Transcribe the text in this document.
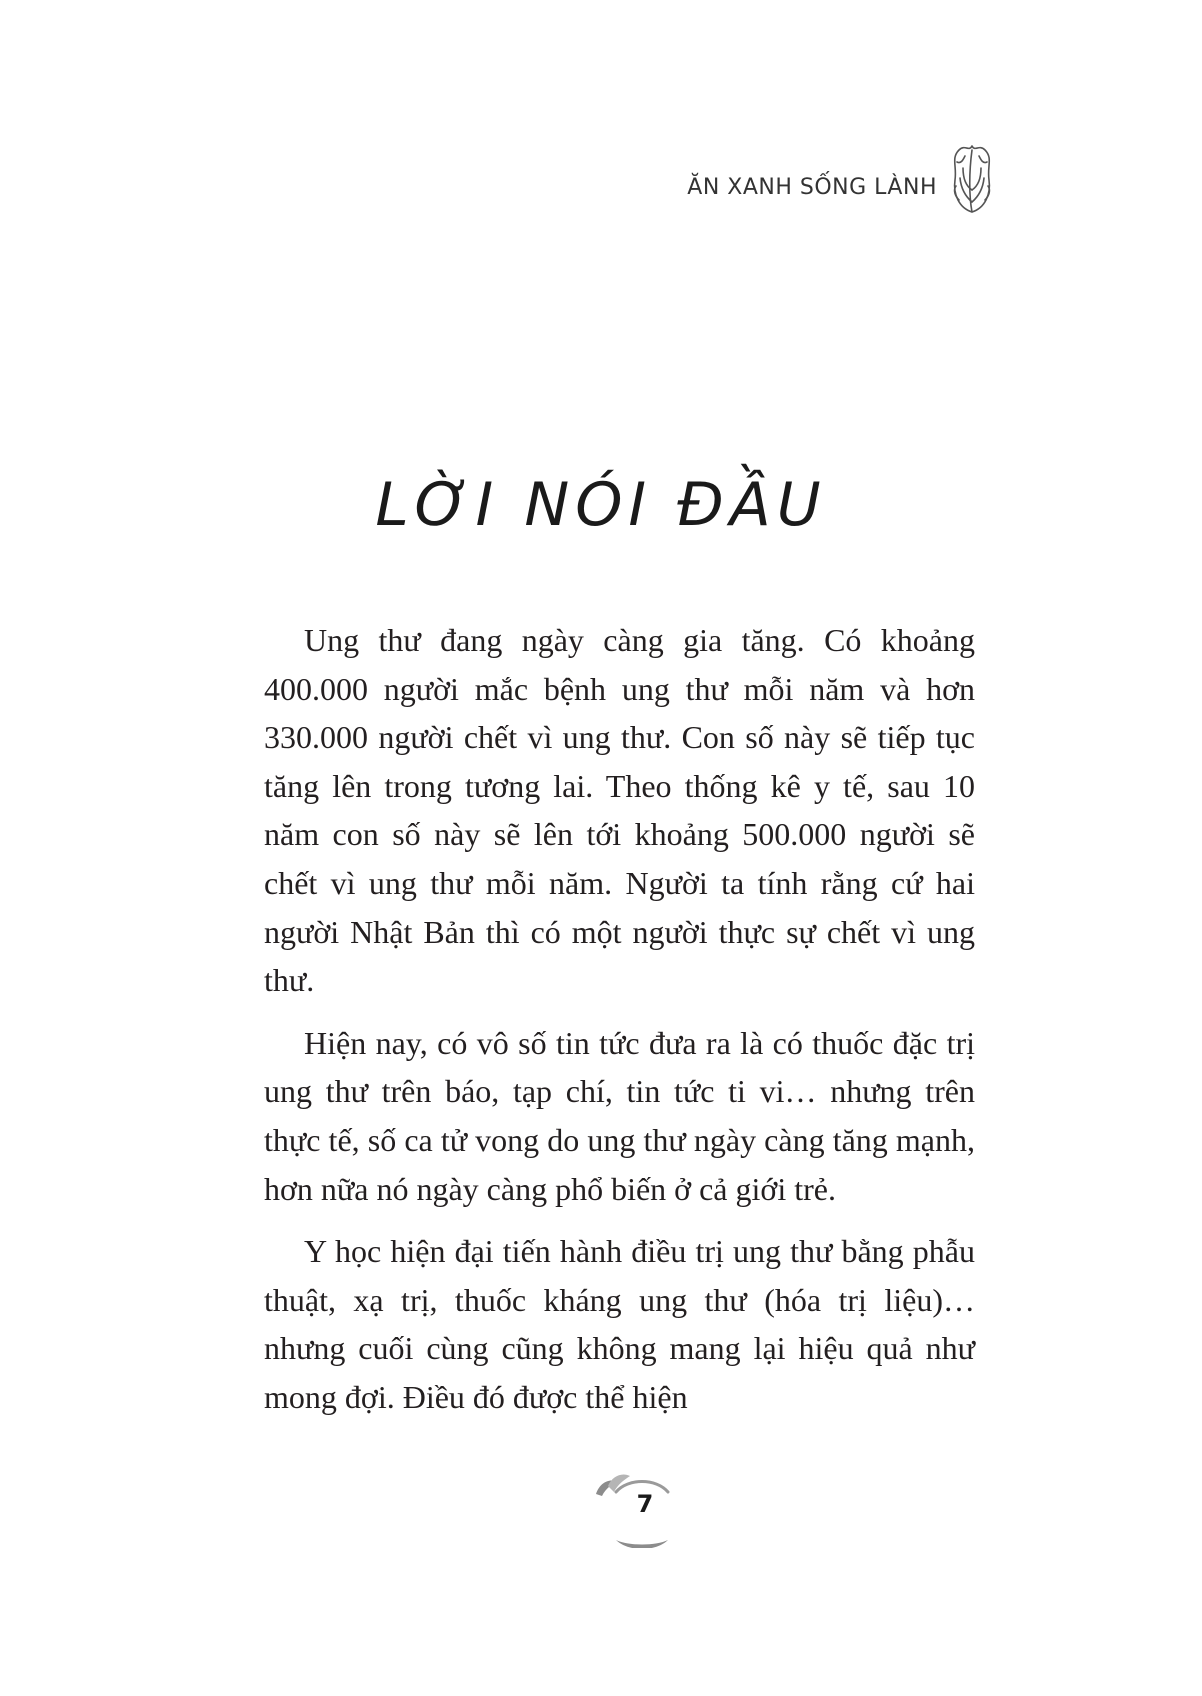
ĂN XANH SỐNG LÀNH
LỜI NÓI ĐẦU

Ung thư đang ngày càng gia tăng. Có khoảng 400.000 người mắc bệnh ung thư mỗi năm và hơn 330.000 người chết vì ung thư. Con số này sẽ tiếp tục tăng lên trong tương lai. Theo thống kê y tế, sau 10 năm con số này sẽ lên tới khoảng 500.000 người sẽ chết vì ung thư mỗi năm. Người ta tính rằng cứ hai người Nhật Bản thì có một người thực sự chết vì ung thư.

Hiện nay, có vô số tin tức đưa ra là có thuốc đặc trị ung thư trên báo, tạp chí, tin tức ti vi… nhưng trên thực tế, số ca tử vong do ung thư ngày càng tăng mạnh, hơn nữa nó ngày càng phổ biến ở cả giới trẻ.

Y học hiện đại tiến hành điều trị ung thư bằng phẫu thuật, xạ trị, thuốc kháng ung thư (hóa trị liệu)… nhưng cuối cùng cũng không mang lại hiệu quả như mong đợi. Điều đó được thể hiện

7
